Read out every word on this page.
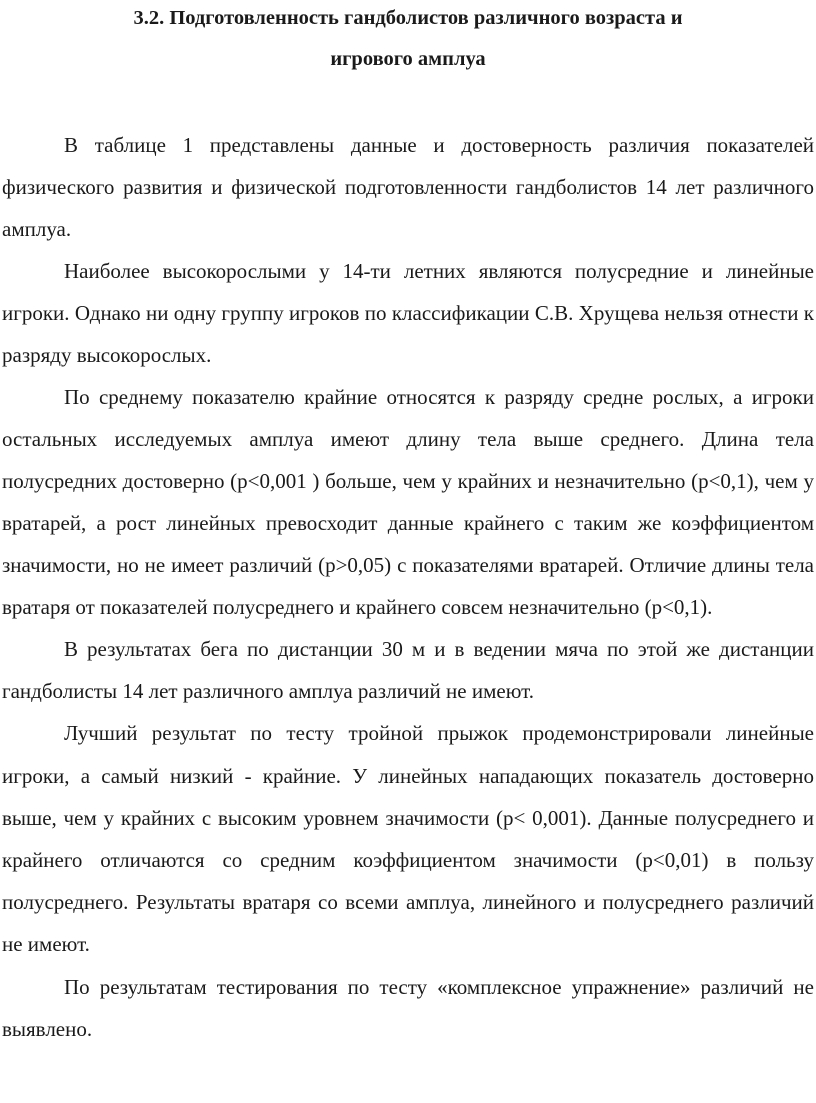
3.2. Подготовленность гандболистов различного возраста и
игрового амплуа

В таблице 1 представлены данные и достоверность различия показателей физического развития и физической подготовленности гандболистов 14 лет различного амплуа.

Наиболее высокорослыми у 14-ти летних являются полусредние и линейные игроки. Однако ни одну группу игроков по классификации С.В. Хрущева нельзя отнести к разряду высокорослых.

По среднему показателю крайние относятся к разряду средне рослых, а игроки остальных исследуемых амплуа имеют длину тела выше среднего. Длина тела полусредних достоверно (р<0,001 ) больше, чем у крайних и незначительно (р<0,1), чем у вратарей, а рост линейных превосходит данные крайнего с таким же коэффициентом значимости, но не имеет различий (р>0,05) с показателями вратарей. Отличие длины тела вратаря от показателей полусреднего и крайнего совсем незначительно (р<0,1).

В результатах бега по дистанции 30 м и в ведении мяча по этой же дистанции гандболисты 14 лет различного амплуа различий не имеют.

Лучший результат по тесту тройной прыжок продемонстрировали линейные игроки, а самый низкий - крайние. У линейных нападающих показатель достоверно выше, чем у крайних с высоким уровнем значимости (р< 0,001). Данные полусреднего и крайнего отличаются со средним коэффициентом значимости (р<0,01) в пользу полусреднего. Результаты вратаря со всеми амплуа, линейного и полусреднего различий не имеют.

По результатам тестирования по тесту «комплексное упражнение» различий не выявлено.
